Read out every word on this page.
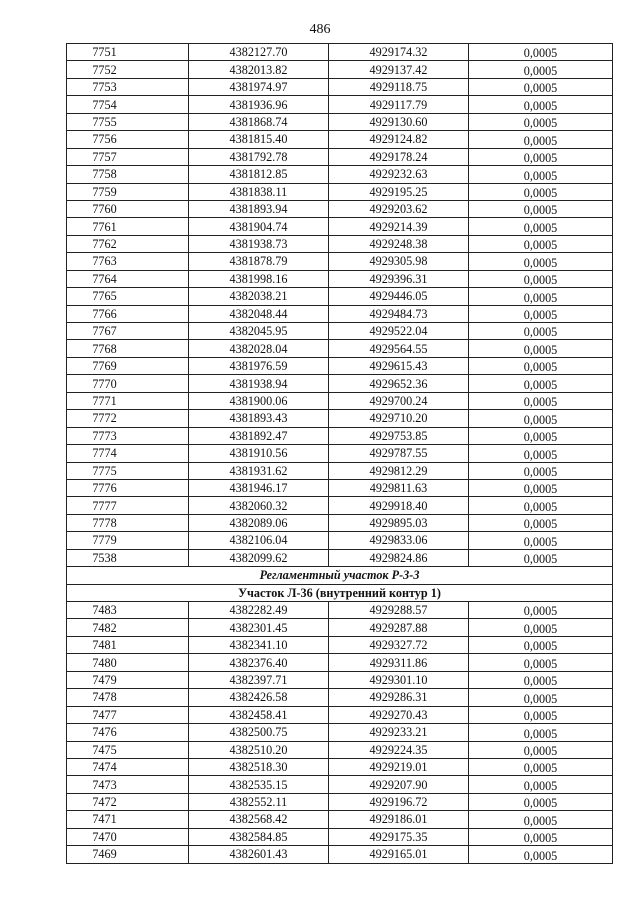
486
7751	4382127.70	4929174.32	0,0005
7752	4382013.82	4929137.42	0,0005
7753	4381974.97	4929118.75	0,0005
7754	4381936.96	4929117.79	0,0005
7755	4381868.74	4929130.60	0,0005
7756	4381815.40	4929124.82	0,0005
7757	4381792.78	4929178.24	0,0005
7758	4381812.85	4929232.63	0,0005
7759	4381838.11	4929195.25	0,0005
7760	4381893.94	4929203.62	0,0005
7761	4381904.74	4929214.39	0,0005
7762	4381938.73	4929248.38	0,0005
7763	4381878.79	4929305.98	0,0005
7764	4381998.16	4929396.31	0,0005
7765	4382038.21	4929446.05	0,0005
7766	4382048.44	4929484.73	0,0005
7767	4382045.95	4929522.04	0,0005
7768	4382028.04	4929564.55	0,0005
7769	4381976.59	4929615.43	0,0005
7770	4381938.94	4929652.36	0,0005
7771	4381900.06	4929700.24	0,0005
7772	4381893.43	4929710.20	0,0005
7773	4381892.47	4929753.85	0,0005
7774	4381910.56	4929787.55	0,0005
7775	4381931.62	4929812.29	0,0005
7776	4381946.17	4929811.63	0,0005
7777	4382060.32	4929918.40	0,0005
7778	4382089.06	4929895.03	0,0005
7779	4382106.04	4929833.06	0,0005
7538	4382099.62	4929824.86	0,0005
Регламентный участок Р-3-3			
Участок Л-36 (внутренний контур 1)			
7483	4382282.49	4929288.57	0,0005
7482	4382301.45	4929287.88	0,0005
7481	4382341.10	4929327.72	0,0005
7480	4382376.40	4929311.86	0,0005
7479	4382397.71	4929301.10	0,0005
7478	4382426.58	4929286.31	0,0005
7477	4382458.41	4929270.43	0,0005
7476	4382500.75	4929233.21	0,0005
7475	4382510.20	4929224.35	0,0005
7474	4382518.30	4929219.01	0,0005
7473	4382535.15	4929207.90	0,0005
7472	4382552.11	4929196.72	0,0005
7471	4382568.42	4929186.01	0,0005
7470	4382584.85	4929175.35	0,0005
7469	4382601.43	4929165.01	0,0005
